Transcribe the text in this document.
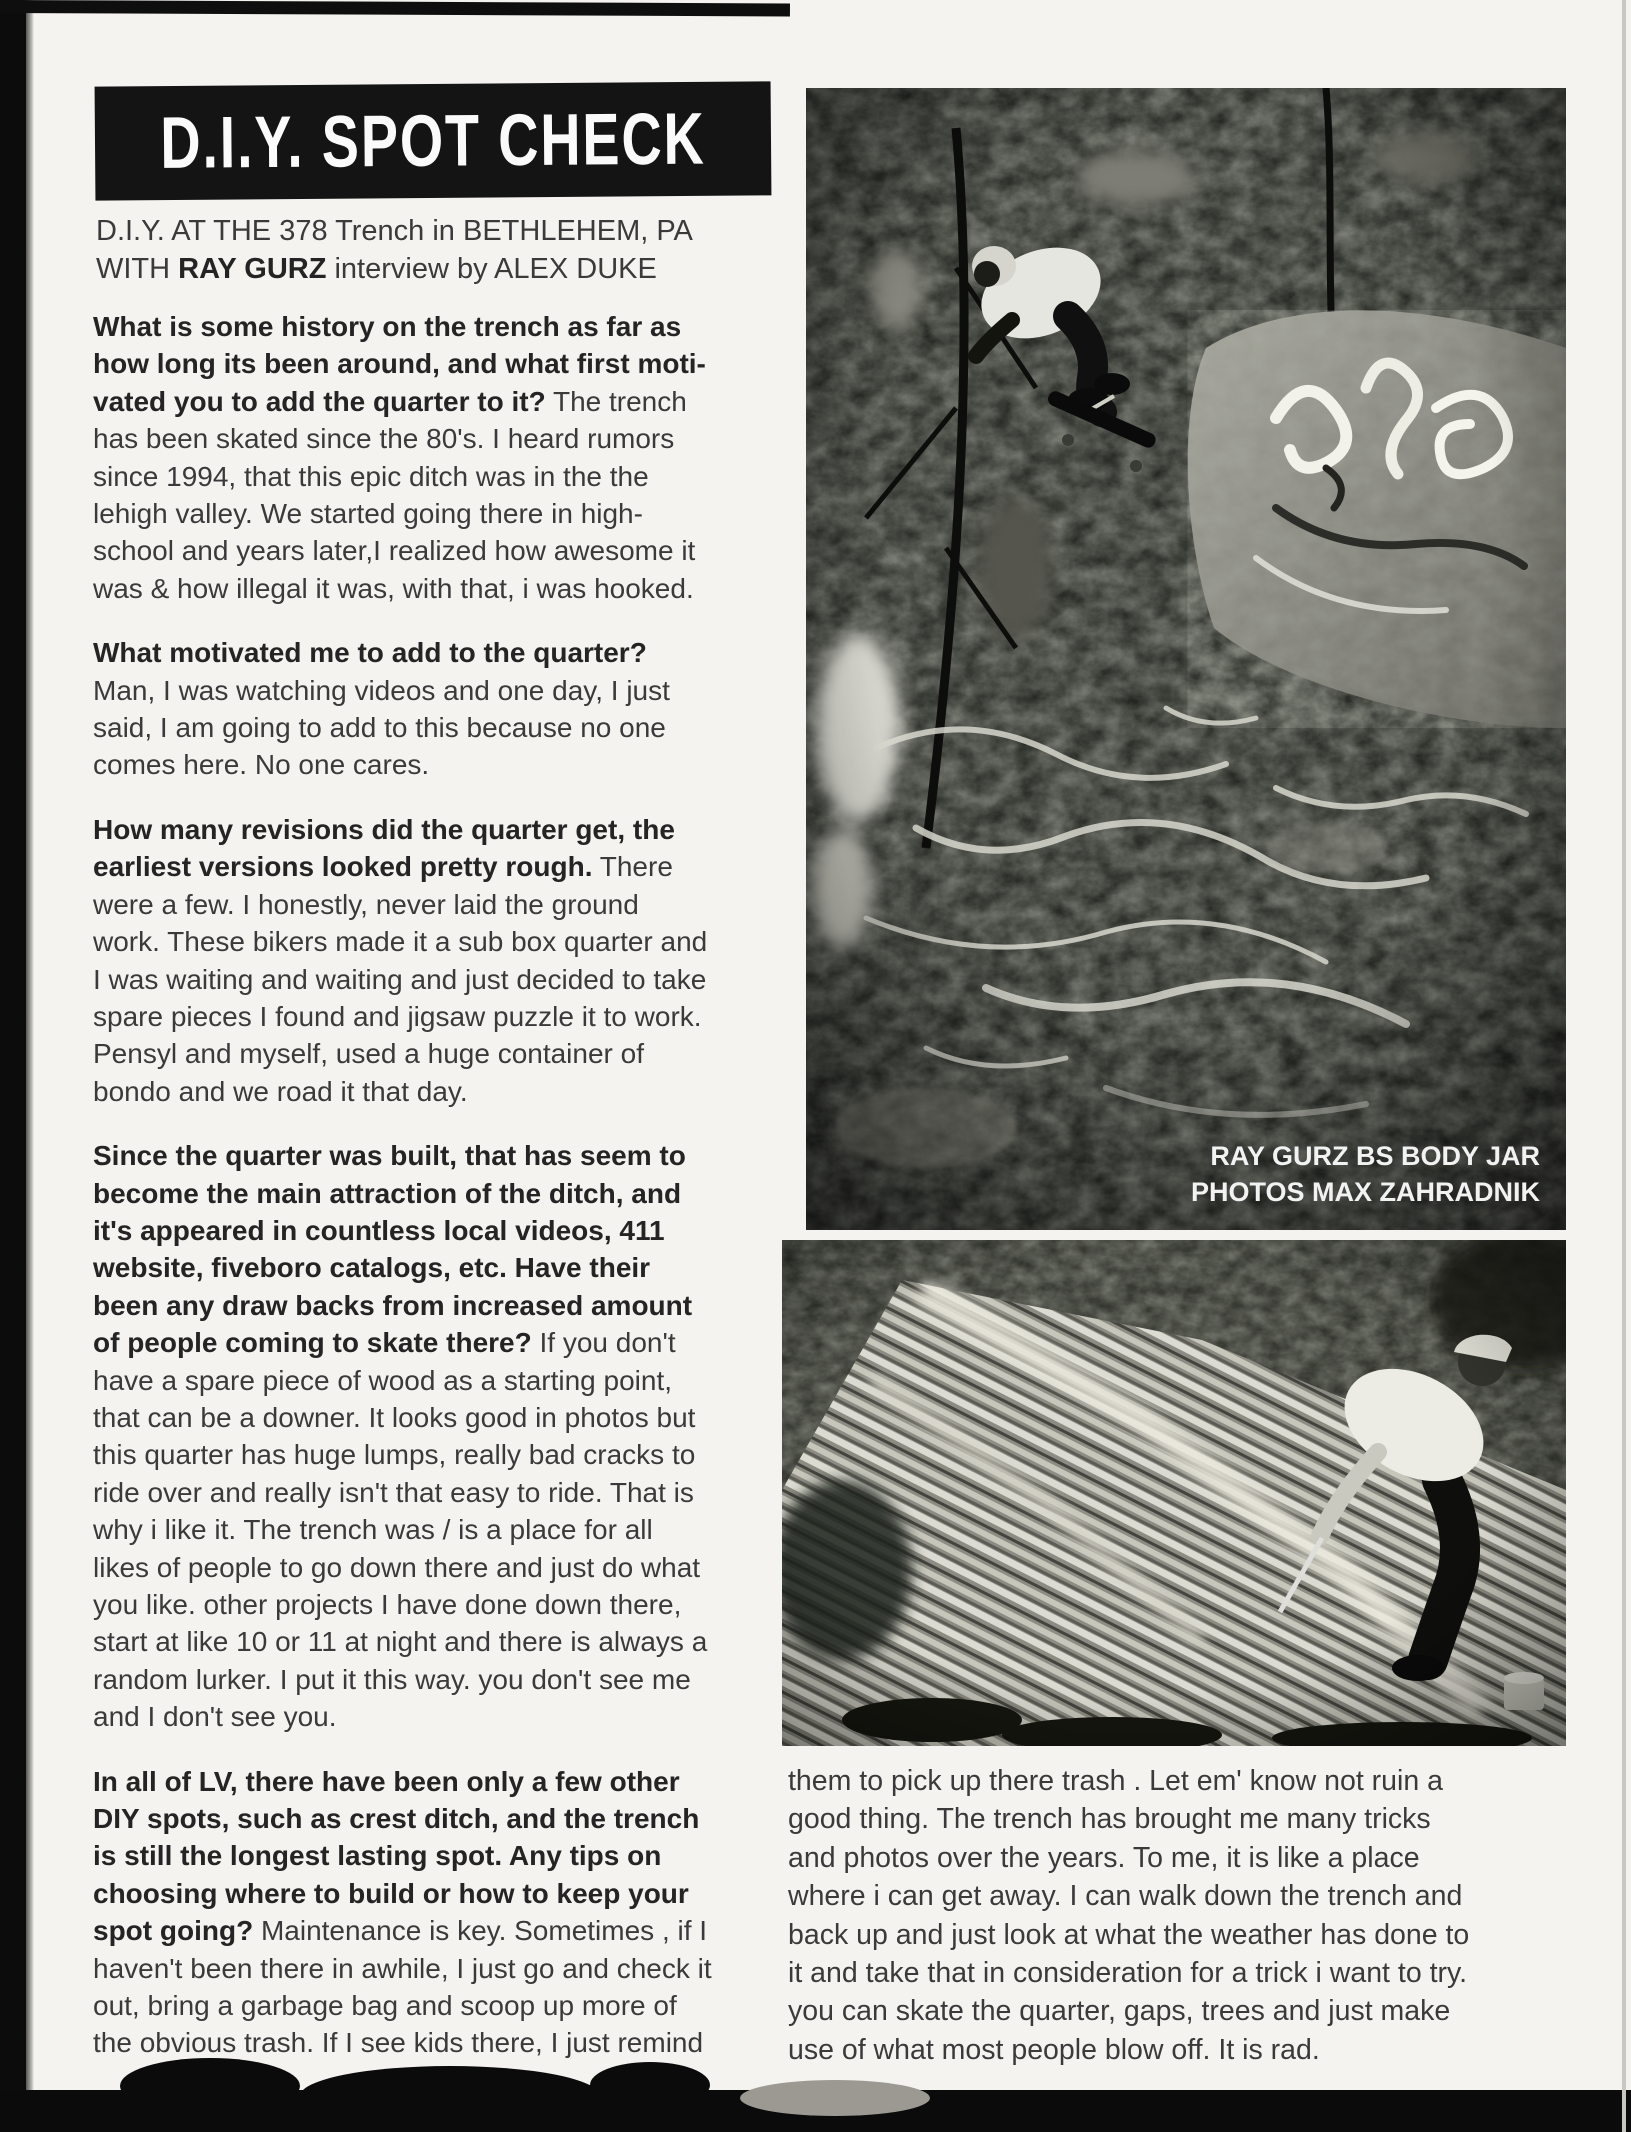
D.I.Y. SPOT CHECK
D.I.Y. AT THE 378 Trench in BETHLEHEM, PA
WITH RAY GURZ interview by ALEX DUKE
What is some history on the trench as far as
how long its been around, and what first moti-
vated you to add the quarter to it? The trench
has been skated since the 80's. I heard rumors
since 1994, that this epic ditch was in the the
lehigh valley. We started going there in high-
school and years later,I realized how awesome it
was & how illegal it was, with that, i was hooked.
What motivated me to add to the quarter?
Man, I was watching videos and one day, I just
said, I am going to add to this because no one
comes here. No one cares.
How many revisions did the quarter get, the
earliest versions looked pretty rough. There
were a few. I honestly, never laid the ground
work. These bikers made it a sub box quarter and
I was waiting and waiting and just decided to take
spare pieces I found and jigsaw puzzle it to work.
Pensyl and myself, used a huge container of
bondo and we road it that day.
Since the quarter was built, that has seem to
become the main attraction of the ditch, and
it's appeared in countless local videos, 411
website, fiveboro catalogs, etc. Have their
been any draw backs from increased amount
of people coming to skate there? If you don't
have a spare piece of wood as a starting point,
that can be a downer. It looks good in photos but
this quarter has huge lumps, really bad cracks to
ride over and really isn't that easy to ride. That is
why i like it. The trench was / is a place for all
likes of people to go down there and just do what
you like. other projects I have done down there,
start at like 10 or 11 at night and there is always a
random lurker. I put it this way. you don't see me
and I don't see you.
In all of LV, there have been only a few other
DIY spots, such as crest ditch, and the trench
is still the longest lasting spot. Any tips on
choosing where to build or how to keep your
spot going? Maintenance is key. Sometimes , if I
haven't been there in awhile, I just go and check it
out, bring a garbage bag and scoop up more of
the obvious trash. If I see kids there, I just remind
RAY GURZ BS BODY JAR
PHOTOS MAX ZAHRADNIK
them to pick up there trash . Let em' know not ruin a
good thing. The trench has brought me many tricks
and photos over the years. To me, it is like a place
where i can get away. I can walk down the trench and
back up and just look at what the weather has done to
it and take that in consideration for a trick i want to try.
you can skate the quarter, gaps, trees and just make
use of what most people blow off. It is rad.
